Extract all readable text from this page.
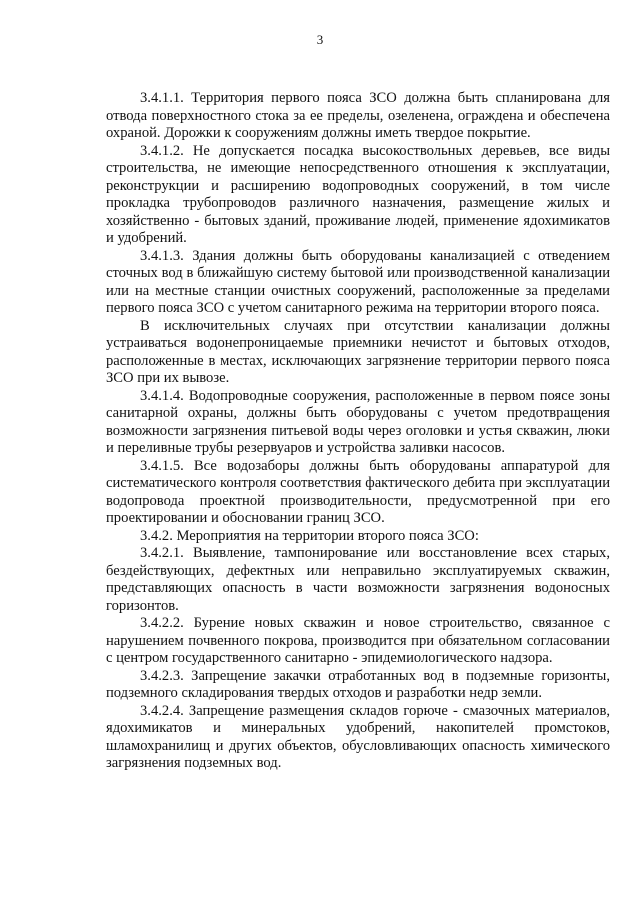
3

3.4.1.1. Территория первого пояса ЗСО должна быть спланирована для отвода поверхностного стока за ее пределы, озеленена, ограждена и обеспечена охраной. Дорожки к сооружениям должны иметь твердое покрытие.

3.4.1.2. Не допускается посадка высокоствольных деревьев, все виды строительства, не имеющие непосредственного отношения к эксплуатации, реконструкции и расширению водопроводных сооружений, в том числе прокладка трубопроводов различного назначения, размещение жилых и хозяйственно - бытовых зданий, проживание людей, применение ядохимикатов и удобрений.

3.4.1.3. Здания должны быть оборудованы канализацией с отведением сточных вод в ближайшую систему бытовой или производственной канализации или на местные станции очистных сооружений, расположенные за пределами первого пояса ЗСО с учетом санитарного режима на территории второго пояса.

В исключительных случаях при отсутствии канализации должны устраиваться водонепроницаемые приемники нечистот и бытовых отходов, расположенные в местах, исключающих загрязнение территории первого пояса ЗСО при их вывозе.

3.4.1.4. Водопроводные сооружения, расположенные в первом поясе зоны санитарной охраны, должны быть оборудованы с учетом предотвращения возможности загрязнения питьевой воды через оголовки и устья скважин, люки и переливные трубы резервуаров и устройства заливки насосов.

3.4.1.5. Все водозаборы должны быть оборудованы аппаратурой для систематического контроля соответствия фактического дебита при эксплуатации водопровода проектной производительности, предусмотренной при его проектировании и обосновании границ ЗСО.

3.4.2. Мероприятия на территории второго пояса ЗСО:

3.4.2.1. Выявление, тампонирование или восстановление всех старых, бездействующих, дефектных или неправильно эксплуатируемых скважин, представляющих опасность в части возможности загрязнения водоносных горизонтов.

3.4.2.2. Бурение новых скважин и новое строительство, связанное с нарушением почвенного покрова, производится при обязательном согласовании с центром государственного санитарно - эпидемиологического надзора.

3.4.2.3. Запрещение закачки отработанных вод в подземные горизонты, подземного складирования твердых отходов и разработки недр земли.

3.4.2.4. Запрещение размещения складов горюче - смазочных материалов, ядохимикатов и минеральных удобрений, накопителей промстоков, шламохранилищ и других объектов, обусловливающих опасность химического загрязнения подземных вод.
